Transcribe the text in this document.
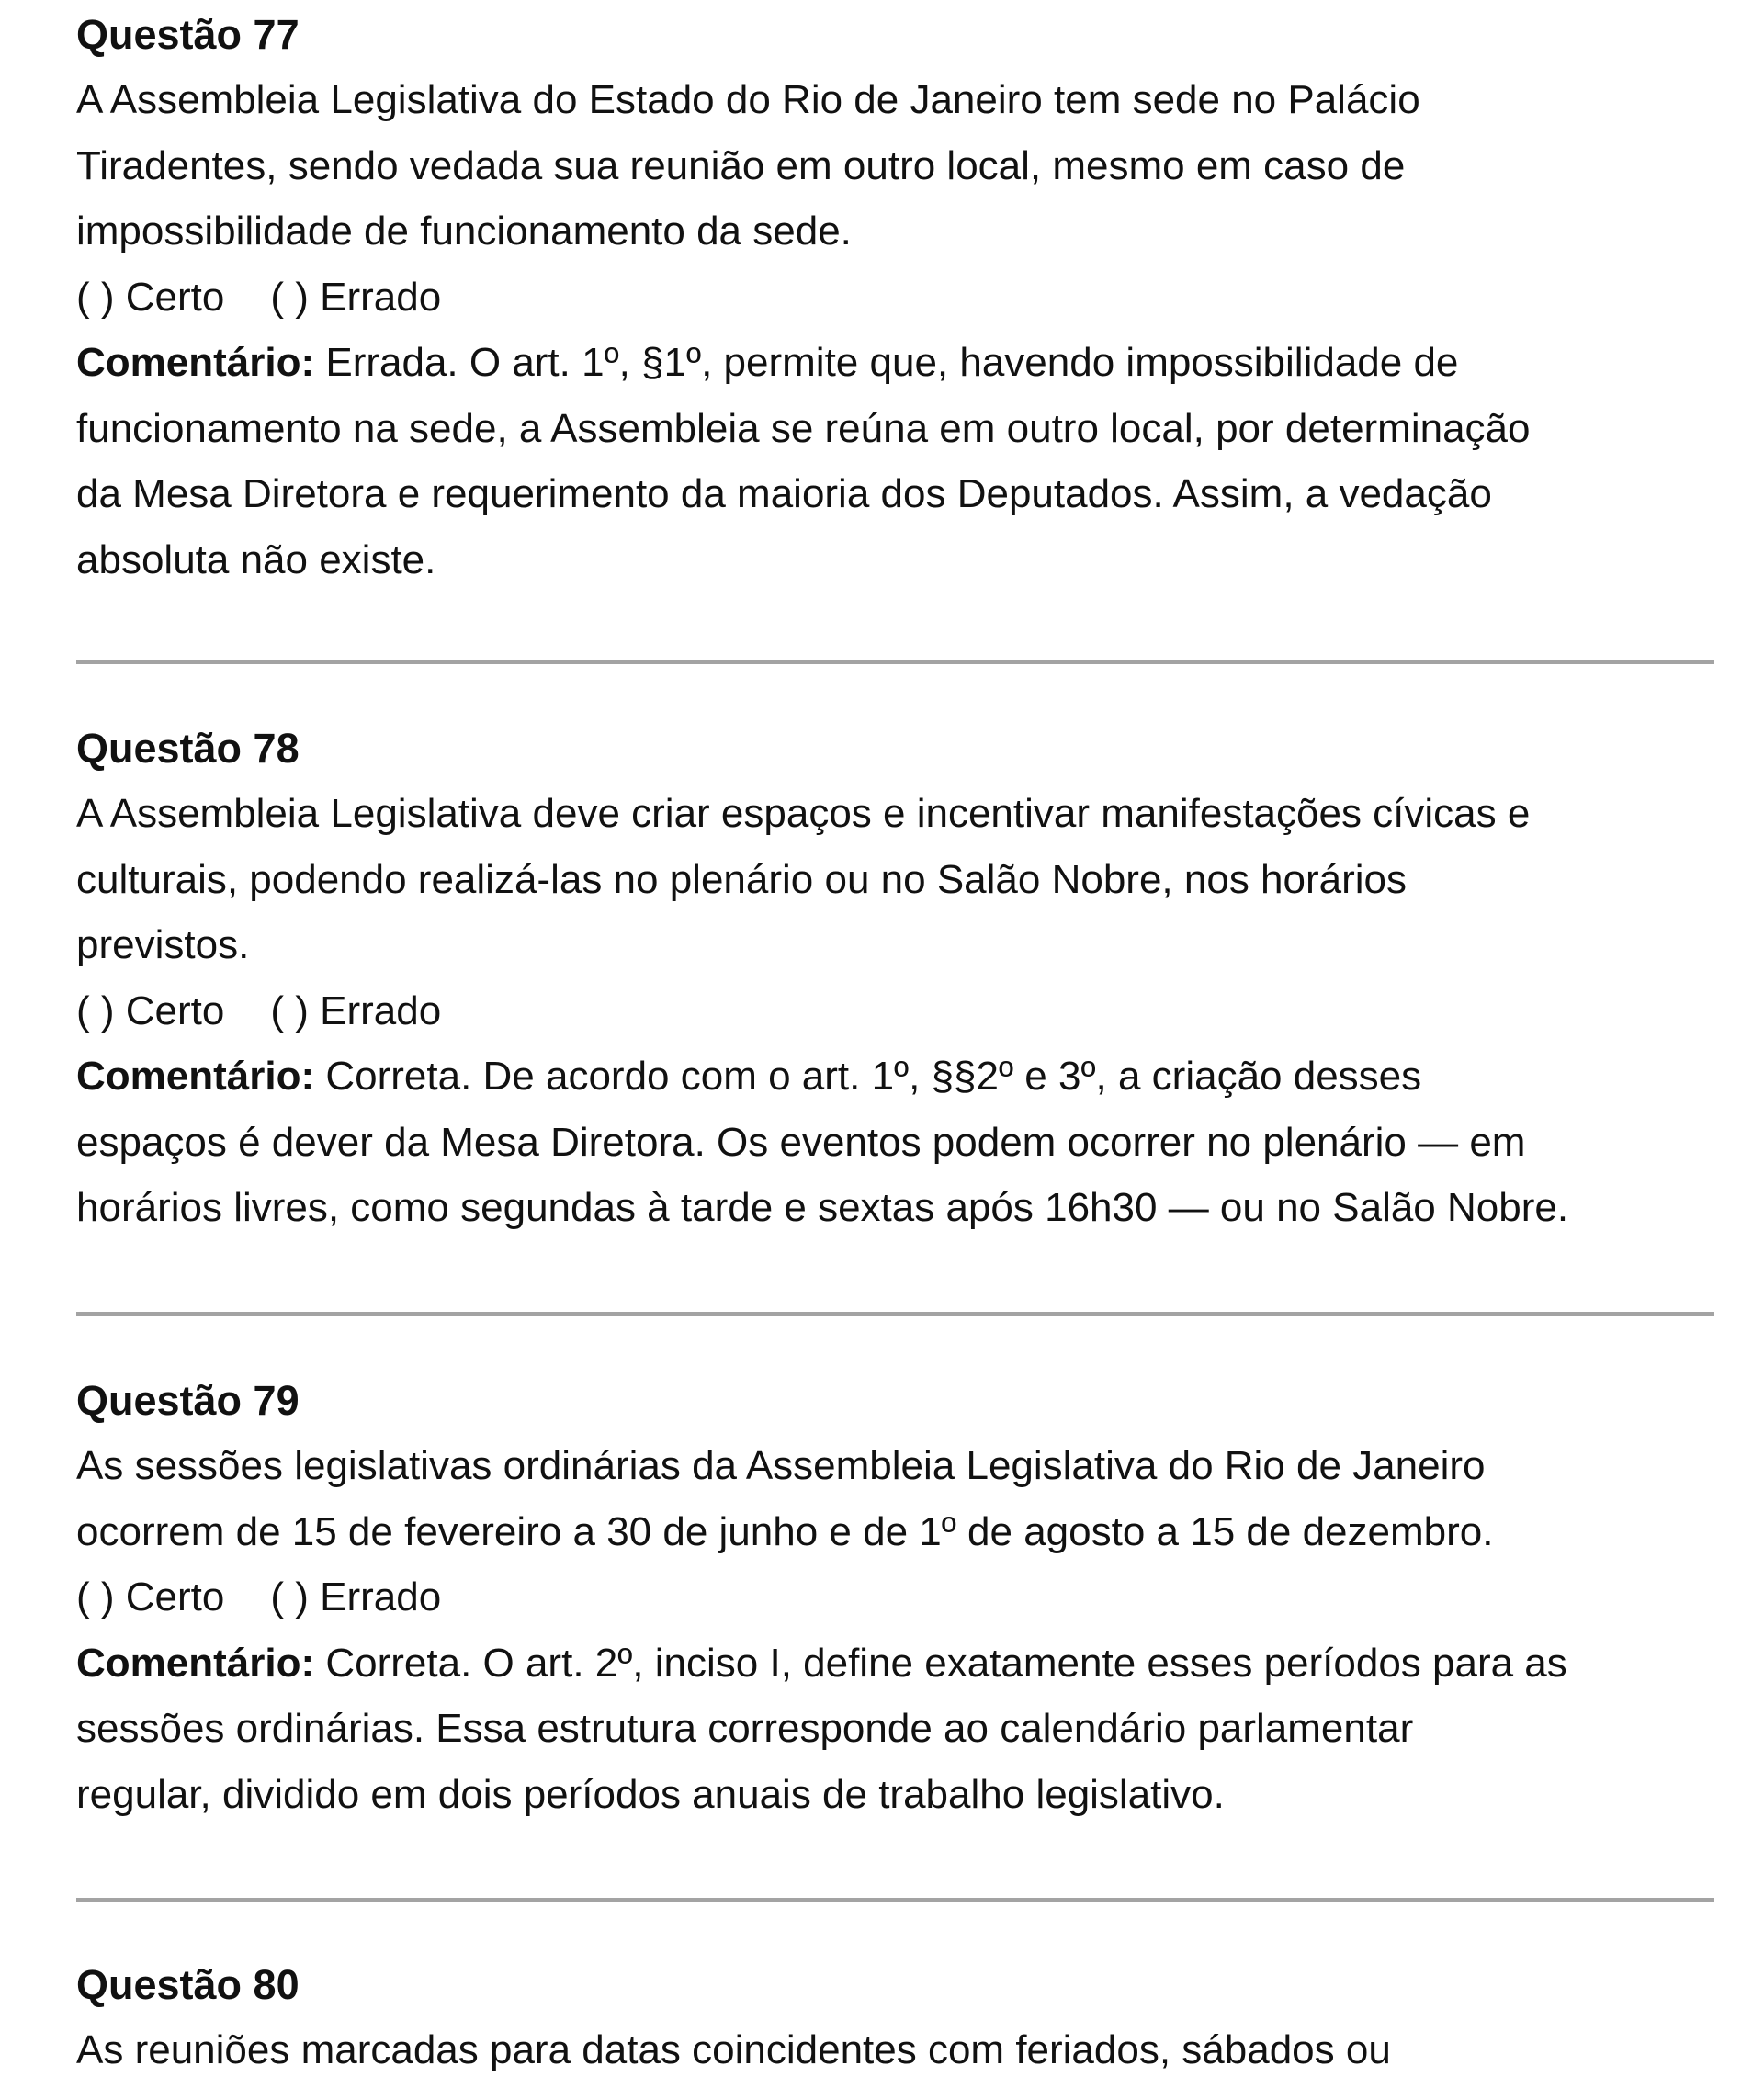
Questão 77

A Assembleia Legislativa do Estado do Rio de Janeiro tem sede no Palácio

Tiradentes, sendo vedada sua reunião em outro local, mesmo em caso de

impossibilidade de funcionamento da sede.

( ) Certo ( ) Errado

Comentário: Errada. O art. 1º, §1º, permite que, havendo impossibilidade de

funcionamento na sede, a Assembleia se reúna em outro local, por determinação

da Mesa Diretora e requerimento da maioria dos Deputados. Assim, a vedação

absoluta não existe.

Questão 78

A Assembleia Legislativa deve criar espaços e incentivar manifestações cívicas e

culturais, podendo realizá-las no plenário ou no Salão Nobre, nos horários

previstos.

( ) Certo ( ) Errado

Comentário: Correta. De acordo com o art. 1º, §§2º e 3º, a criação desses

espaços é dever da Mesa Diretora. Os eventos podem ocorrer no plenário — em

horários livres, como segundas à tarde e sextas após 16h30 — ou no Salão Nobre.

Questão 79

As sessões legislativas ordinárias da Assembleia Legislativa do Rio de Janeiro

ocorrem de 15 de fevereiro a 30 de junho e de 1º de agosto a 15 de dezembro.

( ) Certo ( ) Errado

Comentário: Correta. O art. 2º, inciso I, define exatamente esses períodos para as

sessões ordinárias. Essa estrutura corresponde ao calendário parlamentar

regular, dividido em dois períodos anuais de trabalho legislativo.

Questão 80

As reuniões marcadas para datas coincidentes com feriados, sábados ou
